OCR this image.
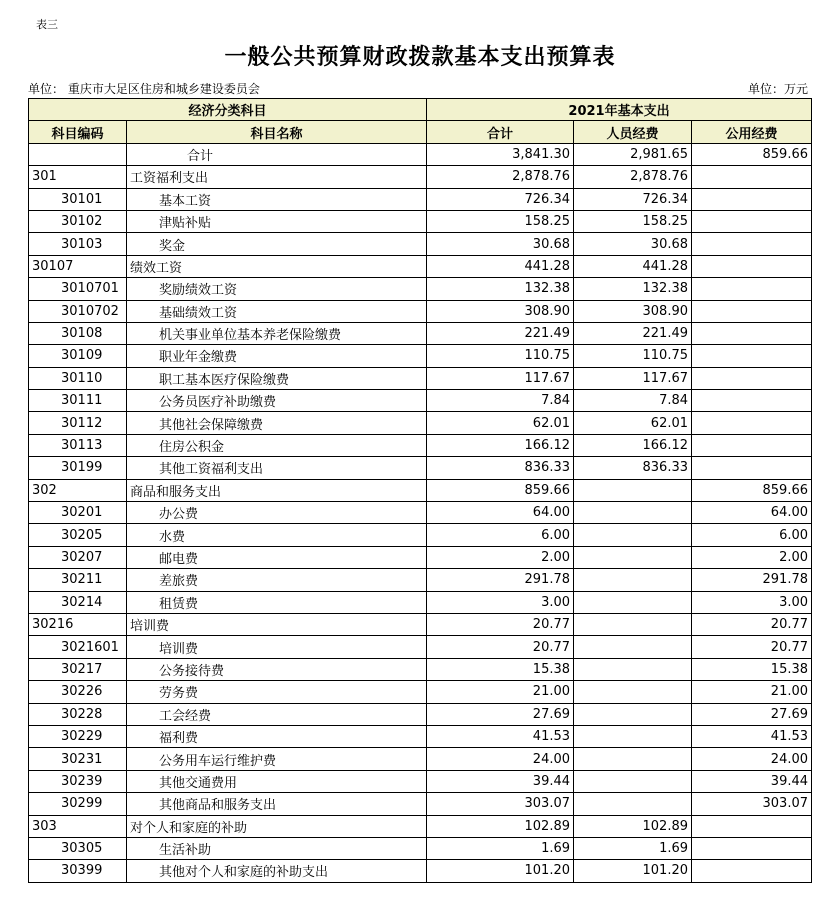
表三
一般公共预算财政拨款基本支出预算表
单位： 重庆市大足区住房和城乡建设委员会	单位：万元
经济分类科目		2021年基本支出		
科目编码	科目名称	合计	人员经费	公用经费
	合计	3,841.30	2,981.65	859.66
301	工资福利支出	2,878.76	2,878.76	
30101	基本工资	726.34	726.34	
30102	津贴补贴	158.25	158.25	
30103	奖金	30.68	30.68	
30107	绩效工资	441.28	441.28	
3010701	奖励绩效工资	132.38	132.38	
3010702	基础绩效工资	308.90	308.90	
30108	机关事业单位基本养老保险缴费	221.49	221.49	
30109	职业年金缴费	110.75	110.75	
30110	职工基本医疗保险缴费	117.67	117.67	
30111	公务员医疗补助缴费	7.84	7.84	
30112	其他社会保障缴费	62.01	62.01	
30113	住房公积金	166.12	166.12	
30199	其他工资福利支出	836.33	836.33	
302	商品和服务支出	859.66		859.66
30201	办公费	64.00		64.00
30205	水费	6.00		6.00
30207	邮电费	2.00		2.00
30211	差旅费	291.78		291.78
30214	租赁费	3.00		3.00
30216	培训费	20.77		20.77
3021601	培训费	20.77		20.77
30217	公务接待费	15.38		15.38
30226	劳务费	21.00		21.00
30228	工会经费	27.69		27.69
30229	福利费	41.53		41.53
30231	公务用车运行维护费	24.00		24.00
30239	其他交通费用	39.44		39.44
30299	其他商品和服务支出	303.07		303.07
303	对个人和家庭的补助	102.89	102.89	
30305	生活补助	1.69	1.69	
30399	其他对个人和家庭的补助支出	101.20	101.20	
